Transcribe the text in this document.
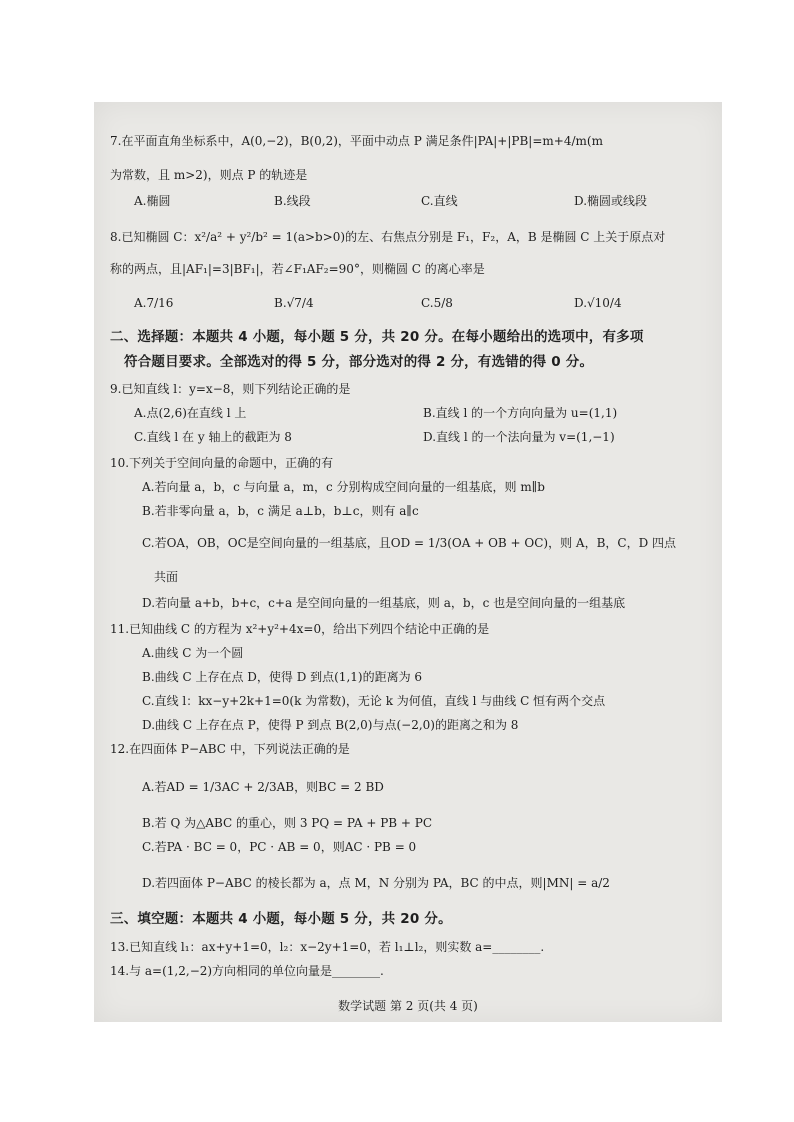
7.在平面直角坐标系中，A(0,−2)，B(0,2)，平面中动点 P 满足条件|PA|+|PB|=m+4/m(m
为常数，且 m>2)，则点 P 的轨迹是
A.椭圆	B.线段	C.直线	D.椭圆或线段
8.已知椭圆 C：x²/a² + y²/b² = 1(a>b>0)的左、右焦点分别是 F₁，F₂，A，B 是椭圆 C 上关于原点对
称的两点，且|AF₁|=3|BF₁|，若∠F₁AF₂=90°，则椭圆 C 的离心率是
A.7/16	B.√7/4	C.5/8	D.√10/4
二、选择题：本题共 4 小题，每小题 5 分，共 20 分。在每小题给出的选项中，有多项
符合题目要求。全部选对的得 5 分，部分选对的得 2 分，有选错的得 0 分。
9.已知直线 l：y=x−8，则下列结论正确的是
A.点(2,6)在直线 l 上	B.直线 l 的一个方向向量为 u=(1,1)
C.直线 l 在 y 轴上的截距为 8	D.直线 l 的一个法向量为 v=(1,−1)
10.下列关于空间向量的命题中，正确的有
A.若向量 a，b，c 与向量 a，m，c 分别构成空间向量的一组基底，则 m∥b
B.若非零向量 a，b，c 满足 a⊥b，b⊥c，则有 a∥c
C.若OA，OB，OC是空间向量的一组基底，且OD = 1/3(OA + OB + OC)，则 A，B，C，D 四点
共面
D.若向量 a+b，b+c，c+a 是空间向量的一组基底，则 a，b，c 也是空间向量的一组基底
11.已知曲线 C 的方程为 x²+y²+4x=0，给出下列四个结论中正确的是
A.曲线 C 为一个圆
B.曲线 C 上存在点 D，使得 D 到点(1,1)的距离为 6
C.直线 l：kx−y+2k+1=0(k 为常数)，无论 k 为何值，直线 l 与曲线 C 恒有两个交点
D.曲线 C 上存在点 P，使得 P 到点 B(2,0)与点(−2,0)的距离之和为 8
12.在四面体 P−ABC 中，下列说法正确的是
A.若AD = 1/3AC + 2/3AB，则BC = 2 BD
B.若 Q 为△ABC 的重心，则 3 PQ = PA + PB + PC
C.若PA · BC = 0，PC · AB = 0，则AC · PB = 0
D.若四面体 P−ABC 的棱长都为 a，点 M，N 分别为 PA，BC 的中点，则|MN| = a/2
三、填空题：本题共 4 小题，每小题 5 分，共 20 分。
13.已知直线 l₁：ax+y+1=0，l₂：x−2y+1=0，若 l₁⊥l₂，则实数 a=________.
14.与 a=(1,2,−2)方向相同的单位向量是________.
数学试题 第 2 页(共 4 页)
